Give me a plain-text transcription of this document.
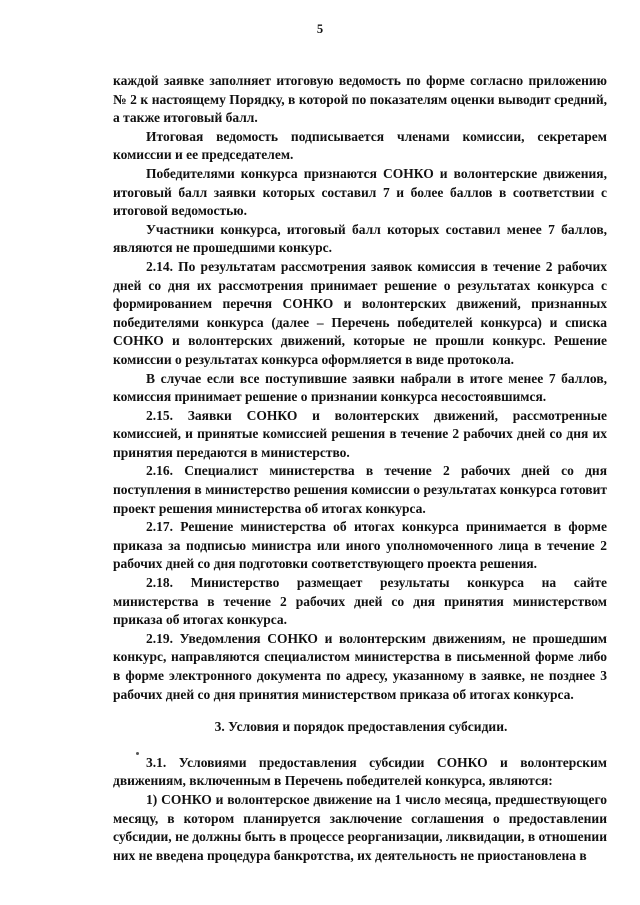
5

каждой заявке заполняет итоговую ведомость по форме согласно приложению № 2 к настоящему Порядку, в которой по показателям оценки выводит средний, а также итоговый балл.

Итоговая ведомость подписывается членами комиссии, секретарем комиссии и ее председателем.

Победителями конкурса признаются СОНКО и волонтерские движения, итоговый балл заявки которых составил 7 и более баллов в соответствии с итоговой ведомостью.

Участники конкурса, итоговый балл которых составил менее 7 баллов, являются не прошедшими конкурс.

2.14. По результатам рассмотрения заявок комиссия в течение 2 рабочих дней со дня их рассмотрения принимает решение о результатах конкурса с формированием перечня СОНКО и волонтерских движений, признанных победителями конкурса (далее – Перечень победителей конкурса) и списка СОНКО и волонтерских движений, которые не прошли конкурс. Решение комиссии о результатах конкурса оформляется в виде протокола.

В случае если все поступившие заявки набрали в итоге менее 7 баллов, комиссия принимает решение о признании конкурса несостоявшимся.

2.15. Заявки СОНКО и волонтерских движений, рассмотренные комиссией, и принятые комиссией решения в течение 2 рабочих дней со дня их принятия передаются в министерство.

2.16. Специалист министерства в течение 2 рабочих дней со дня поступления в министерство решения комиссии о результатах конкурса готовит проект решения министерства об итогах конкурса.

2.17. Решение министерства об итогах конкурса принимается в форме приказа за подписью министра или иного уполномоченного лица в течение 2 рабочих дней со дня подготовки соответствующего проекта решения.

2.18. Министерство размещает результаты конкурса на сайте министерства в течение 2 рабочих дней со дня принятия министерством приказа об итогах конкурса.

2.19. Уведомления СОНКО и волонтерским движениям, не прошедшим конкурс, направляются специалистом министерства в письменной форме либо в форме электронного документа по адресу, указанному в заявке, не позднее 3 рабочих дней со дня принятия министерством приказа об итогах конкурса.

3. Условия и порядок предоставления субсидии.

3.1. Условиями предоставления субсидии СОНКО и волонтерским движениям, включенным в Перечень победителей конкурса, являются:

1) СОНКО и волонтерское движение на 1 число месяца, предшествующего месяцу, в котором планируется заключение соглашения о предоставлении субсидии, не должны быть в процессе реорганизации, ликвидации, в отношении них не введена процедура банкротства, их деятельность не приостановлена в
